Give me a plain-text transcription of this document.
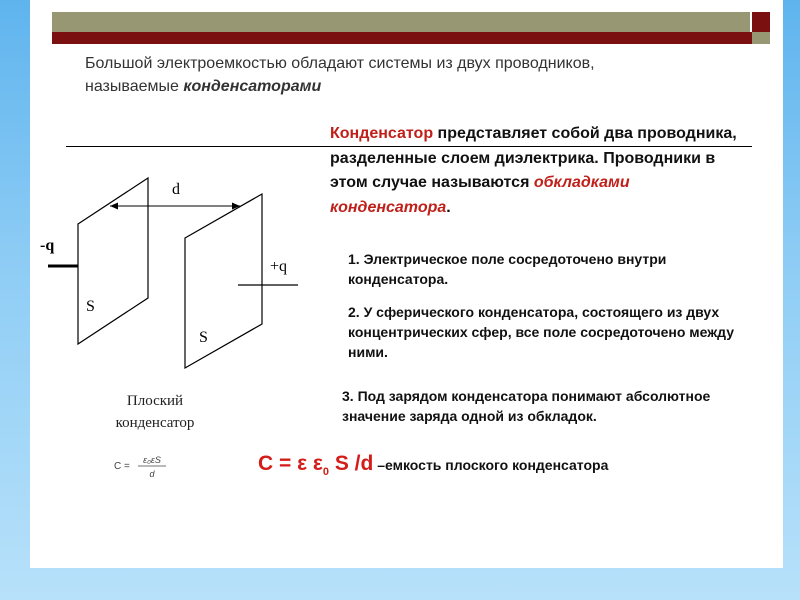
Большой электроемкостью обладают системы из двух проводников,
называемые конденсаторами
Конденсатор представляет собой два проводника, разделенные слоем диэлектрика. Проводники в этом случае называются обкладками конденсатора.
1. Электрическое поле сосредоточено внутри конденсатора.
2. У сферического конденсатора, состоящего из двух концентрических сфер, все поле сосредоточено между ними.
3. Под зарядом конденсатора понимают абсолютное значение заряда одной из обкладок.
C = ε $\varepsilon_0$ S /d –емкость плоского конденсатора
d
-q
+q
S
S
Плоский
конденсатор
C =
ε₀εS
d
